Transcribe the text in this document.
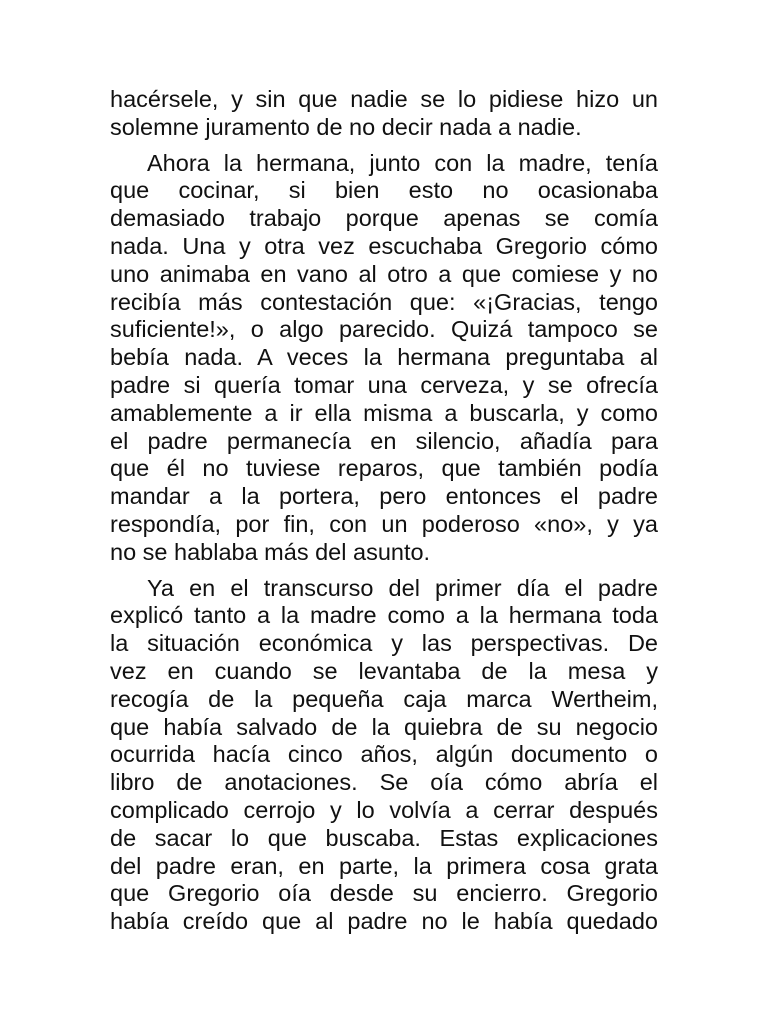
hacérsele, y sin que nadie se lo pidiese hizo un
solemne juramento de no decir nada a nadie.

Ahora la hermana, junto con la madre, tenía
que cocinar, si bien esto no ocasionaba
demasiado trabajo porque apenas se comía
nada. Una y otra vez escuchaba Gregorio cómo
uno animaba en vano al otro a que comiese y no
recibía más contestación que: «¡Gracias, tengo
suficiente!», o algo parecido. Quizá tampoco se
bebía nada. A veces la hermana preguntaba al
padre si quería tomar una cerveza, y se ofrecía
amablemente a ir ella misma a buscarla, y como
el padre permanecía en silencio, añadía para
que él no tuviese reparos, que también podía
mandar a la portera, pero entonces el padre
respondía, por fin, con un poderoso «no», y ya
no se hablaba más del asunto.

Ya en el transcurso del primer día el padre
explicó tanto a la madre como a la hermana toda
la situación económica y las perspectivas. De
vez en cuando se levantaba de la mesa y
recogía de la pequeña caja marca Wertheim,
que había salvado de la quiebra de su negocio
ocurrida hacía cinco años, algún documento o
libro de anotaciones. Se oía cómo abría el
complicado cerrojo y lo volvía a cerrar después
de sacar lo que buscaba. Estas explicaciones
del padre eran, en parte, la primera cosa grata
que Gregorio oía desde su encierro. Gregorio
había creído que al padre no le había quedado
